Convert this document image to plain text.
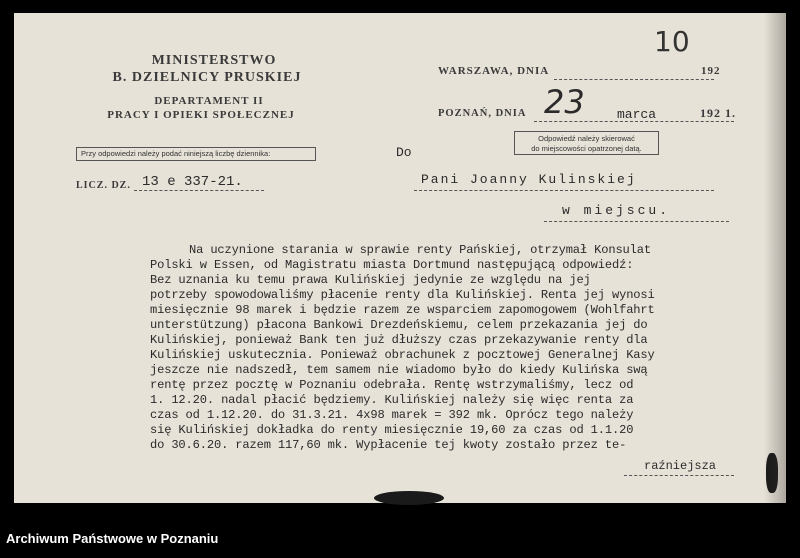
MINISTERSTWO
B. DZIELNICY PRUSKIEJ
DEPARTAMENT II
PRACY I OPIEKI SPOŁECZNEJ
Przy odpowiedzi należy podać niniejszą liczbę dziennika:
LICZ. DZ. 13 e 337-21.
WARSZAWA, DNIA	192
10
POZNAŃ, DNIA 23 marca	192 1.
Odpowiedź należy skierować
do miejscowości opatrzonej datą.
Do
Pani Joanny Kulinskiej
w miejscu.
Na uczynione starania w sprawie renty Pańskiej, otrzymał Konsulat
Polski w Essen, od Magistratu miasta Dortmund następującą odpowiedź:
Bez uznania ku temu prawa Kulińskiej jedynie ze względu na jej
potrzeby spowodowaliśmy płacenie renty dla Kulińskiej. Renta jej wynosi
miesięcznie 98 marek i będzie razem ze wsparciem zapomogowem (Wohlfahrt
unterstützung) płacona Bankowi Drezdeńskiemu, celem przekazania jej do
Kulińskiej, ponieważ Bank ten już dłuższy czas przekazywanie renty dla
Kulińskiej uskutecznia. Ponieważ obrachunek z pocztowej Generalnej Kasy
jeszcze nie nadszedł, tem samem nie wiadomo było do kiedy Kulińska swą
rentę przez pocztę w Poznaniu odebrała. Rentę wstrzymaliśmy, lecz od
1. 12.20. nadal płacić będziemy. Kulińskiej należy się więc renta za
czas od 1.12.20. do 31.3.21. 4x98 marek = 392 mk. Oprócz tego należy
się Kulińskiej dokładka do renty miesięcznie 19,60 za czas od 1.1.20
do 30.6.20. razem 117,60 mk. Wypłacenie tej kwoty zostało przez te-
raźniejsza
Archiwum Państwowe w Poznaniu
